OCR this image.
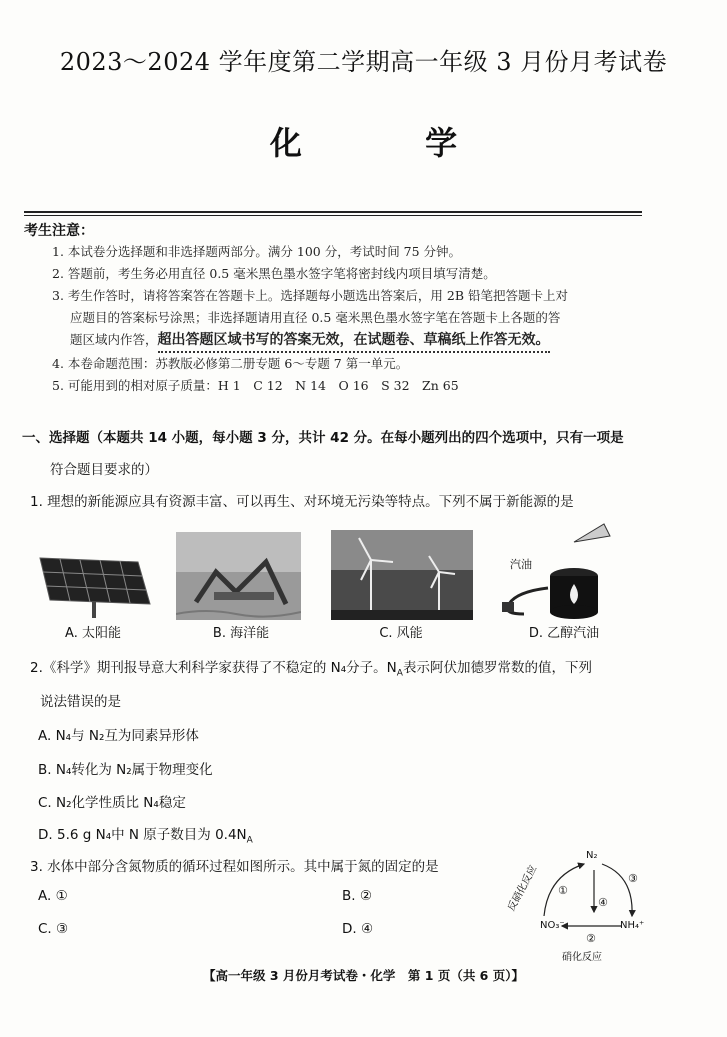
2023～2024 学年度第二学期高一年级 3 月份月考试卷
化 学
考生注意：
1. 本试卷分选择题和非选择题两部分。满分 100 分，考试时间 75 分钟。
2. 答题前，考生务必用直径 0.5 毫米黑色墨水签字笔将密封线内项目填写清楚。
3. 考生作答时，请将答案答在答题卡上。选择题每小题选出答案后，用 2B 铅笔把答题卡上对
应题目的答案标号涂黑；非选择题请用直径 0.5 毫米黑色墨水签字笔在答题卡上各题的答
题区域内作答，超出答题区域书写的答案无效，在试题卷、草稿纸上作答无效。
4. 本卷命题范围：苏教版必修第二册专题 6～专题 7 第一单元。
5. 可能用到的相对原子质量：H 1　C 12　N 14　O 16　S 32　Zn 65
一、选择题（本题共 14 小题，每小题 3 分，共计 42 分。在每小题列出的四个选项中，只有一项是
符合题目要求的）
1. 理想的新能源应具有资源丰富、可以再生、对环境无污染等特点。下列不属于新能源的是
汽油
A. 太阳能	B. 海洋能	C. 风能	D. 乙醇汽油
2.《科学》期刊报导意大利科学家获得了不稳定的 N₄分子。$N_A$表示阿伏加德罗常数的值，下列
说法错误的是
A. N₄与 N₂互为同素异形体
B. N₄转化为 N₂属于物理变化
C. N₂化学性质比 N₄稳定
D. 5.6 g N₄中 N 原子数目为 $0.4N_A$
3. 水体中部分含氮物质的循环过程如图所示。其中属于氮的固定的是
A. ①	B. ②
C. ③	D. ④
N₂
NO₃⁻	NH₄⁺
①
②
③
④
反硝化反应
硝化反应
【高一年级 3 月份月考试卷・化学　第 1 页（共 6 页）】
